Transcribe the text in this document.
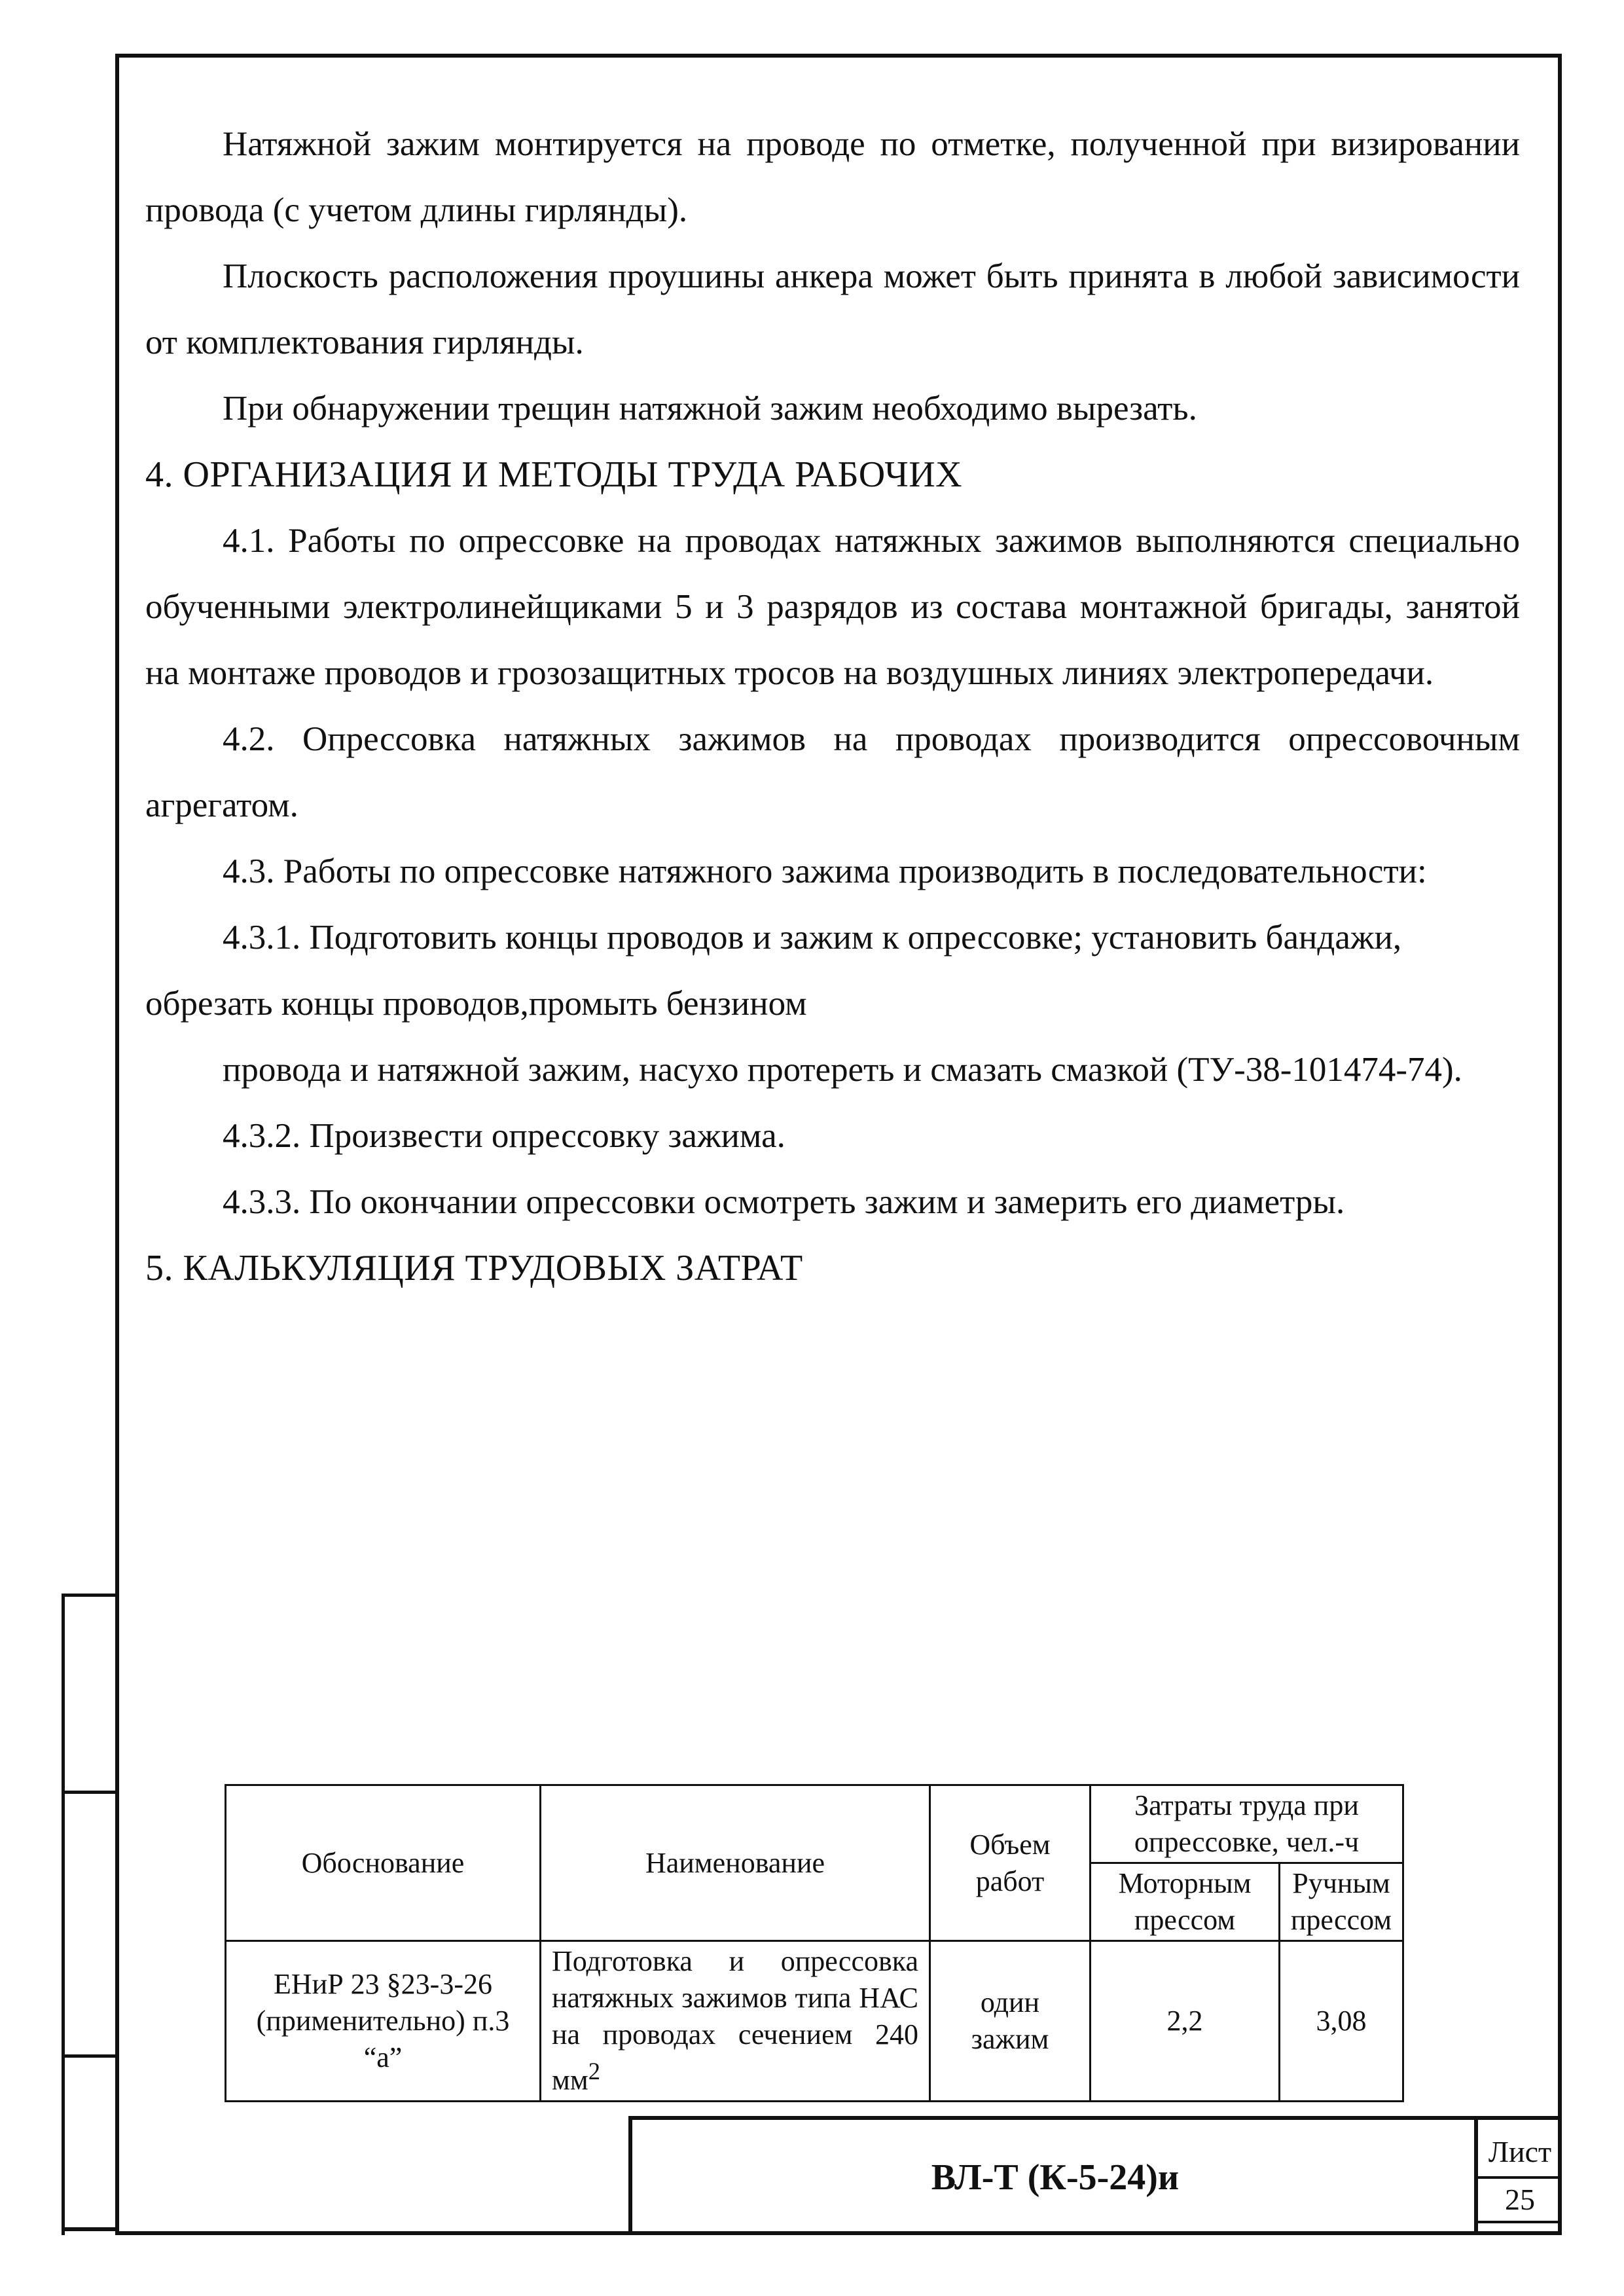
Натяжной зажим монтируется на проводе по отметке, полученной при визировании провода (с учетом длины гирлянды).

Плоскость расположения проушины анкера может быть принята в любой зависимости от комплектования гирлянды.

При обнаружении трещин натяжной зажим необходимо вырезать.

4. ОРГАНИЗАЦИЯ И МЕТОДЫ ТРУДА РАБОЧИХ

4.1. Работы по опрессовке на проводах натяжных зажимов выполняются специально обученными электролинейщиками 5 и 3 разрядов из состава монтажной бригады, занятой на монтаже проводов и грозозащитных тросов на воздушных линиях электропередачи.

4.2. Опрессовка натяжных зажимов на проводах производится опрессовочным агрегатом.

4.3. Работы по опрессовке натяжного зажима производить в последовательности:

4.3.1. Подготовить концы проводов и зажим к опрессовке; установить бандажи, обрезать концы проводов,промыть бензином

провода и натяжной зажим, насухо протереть и смазать смазкой (ТУ-38-101474-74).

4.3.2. Произвести опрессовку зажима.

4.3.3. По окончании опрессовки осмотреть зажим и замерить его диаметры.

5. КАЛЬКУЛЯЦИЯ ТРУДОВЫХ ЗАТРАТ

Обоснование	Наименование	Объем работ	Затраты труда при опрессовке, чел.-ч	
			Моторным прессом	Ручным прессом
ЕНиР 23 §23-3-26 (применительно) п.3 “а”	Подготовка и опрессовка натяжных зажимов типа НАС на проводах сечением 240 $мм^2$	один зажим	2,2	3,08
ВЛ-Т (К-5-24)и
Лист
25
